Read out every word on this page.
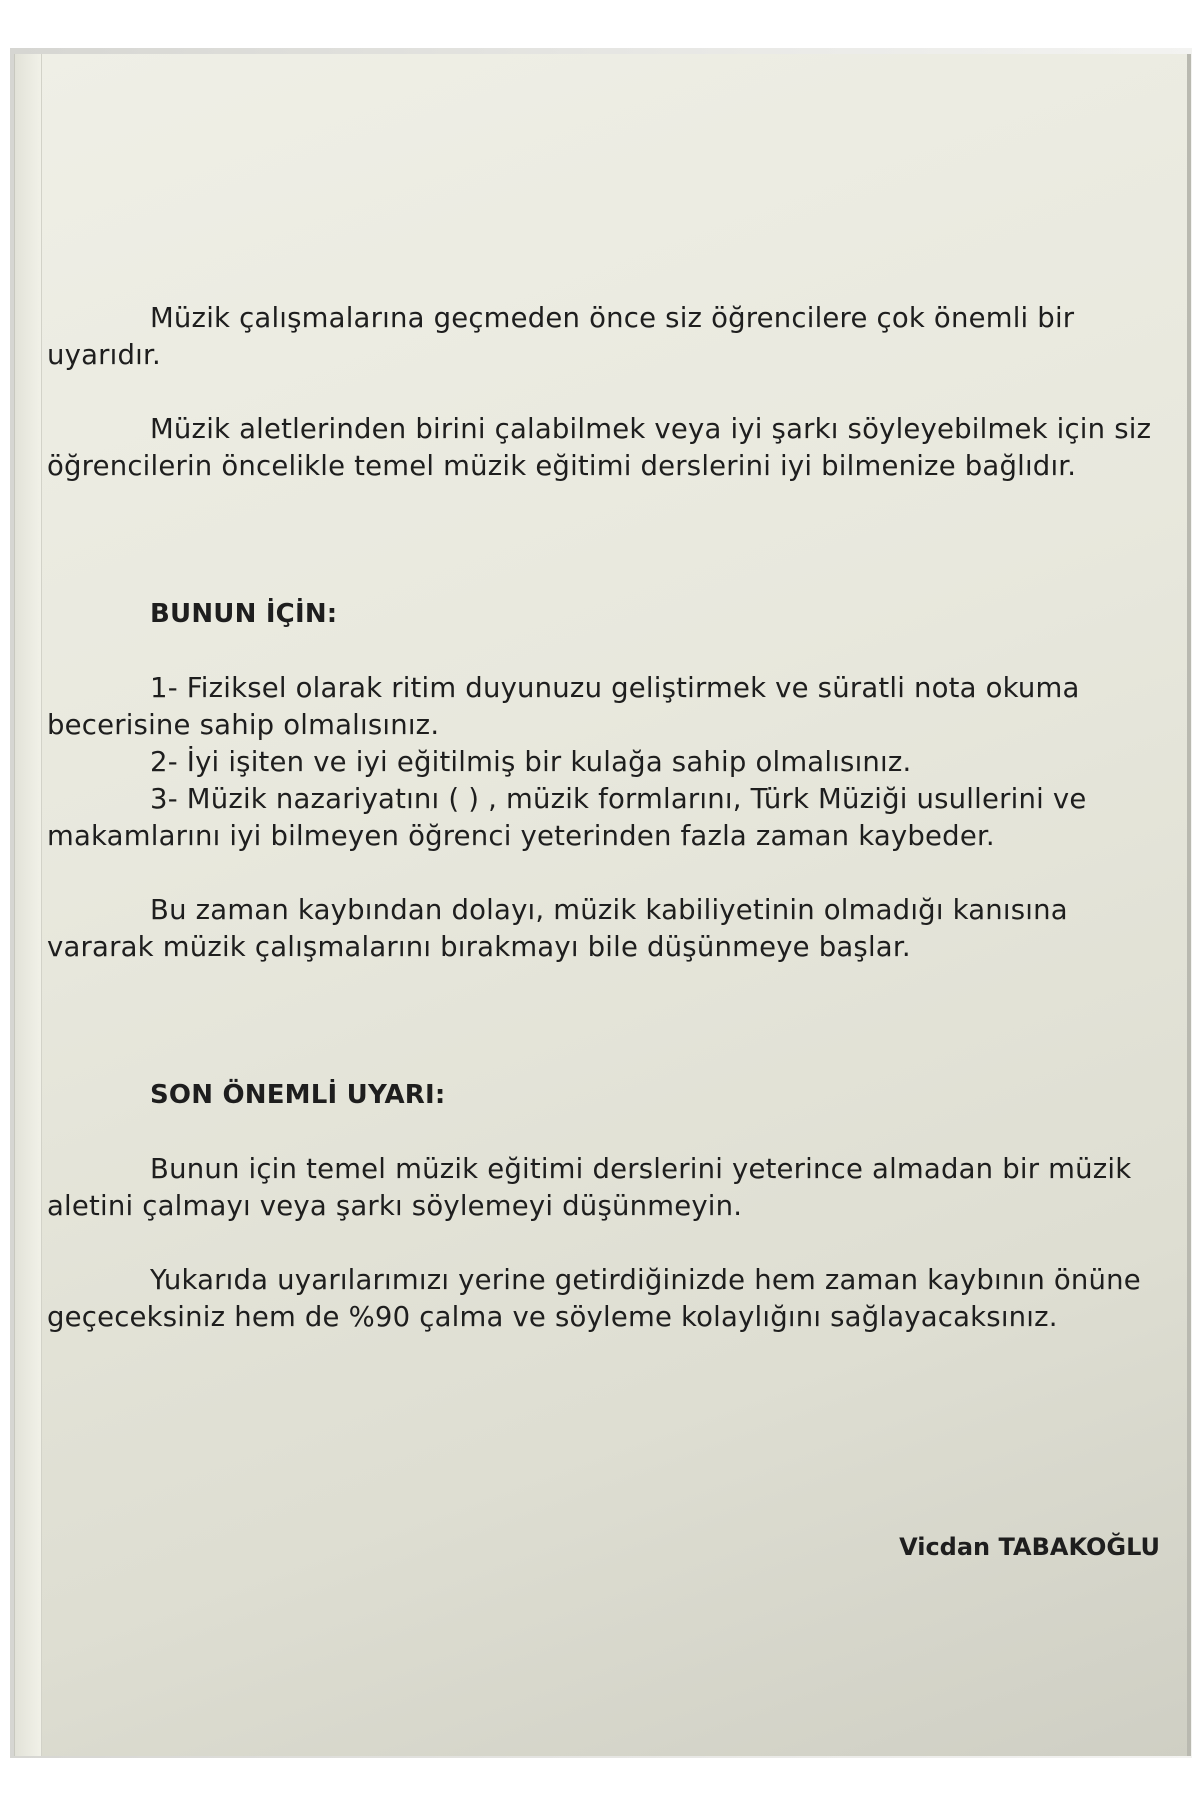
Müzik çalışmalarına geçmeden önce siz öğrencilere çok önemli bir uyarıdır.

Müzik aletlerinden birini çalabilmek veya iyi şarkı söyleyebilmek için siz öğrencilerin öncelikle temel müzik eğitimi derslerini iyi bilmenize bağlıdır.

BUNUN İÇİN:

1- Fiziksel olarak ritim duyunuzu geliştirmek ve süratli nota okuma becerisine sahip olmalısınız.

2- İyi işiten ve iyi eğitilmiş bir kulağa sahip olmalısınız.

3- Müzik nazariyatını ( ) , müzik formlarını, Türk Müziği usullerini ve makamlarını iyi bilmeyen öğrenci yeterinden fazla zaman kaybeder.

Bu zaman kaybından dolayı, müzik kabiliyetinin olmadığı kanısına vararak müzik çalışmalarını bırakmayı bile düşünmeye başlar.

SON ÖNEMLİ UYARI:

Bunun için temel müzik eğitimi derslerini yeterince almadan bir müzik aletini çalmayı veya şarkı söylemeyi düşünmeyin.

Yukarıda uyarılarımızı yerine getirdiğinizde hem zaman kaybının önüne geçeceksiniz hem de %90 çalma ve söyleme kolaylığını sağlayacaksınız.

Vicdan TABAKOĞLU
